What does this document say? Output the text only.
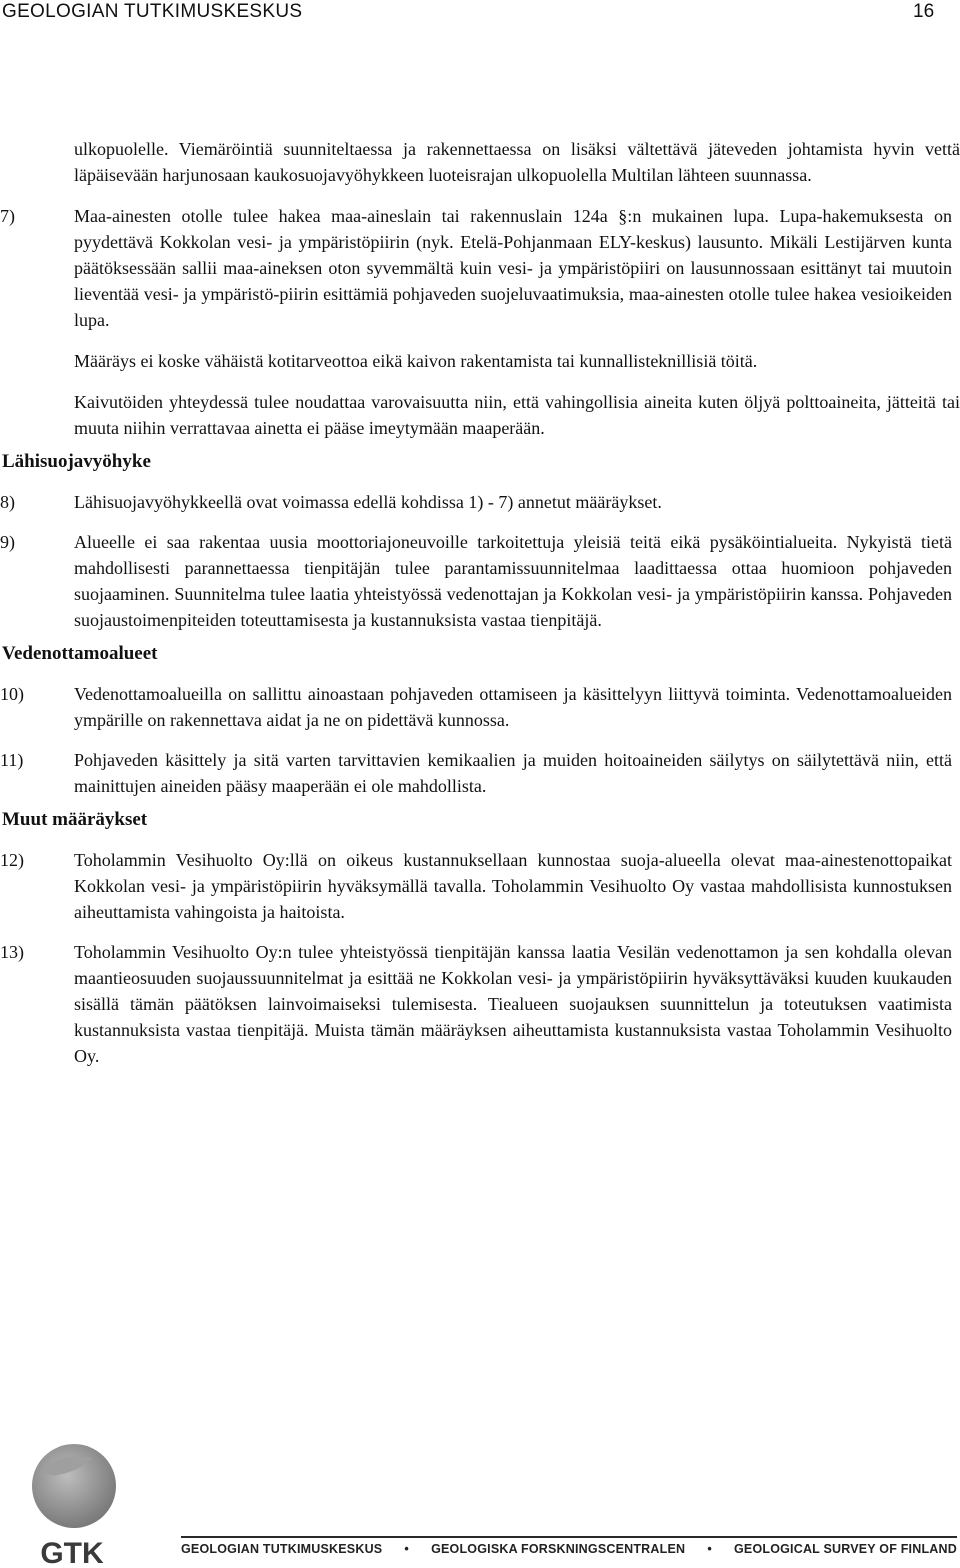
GEOLOGIAN TUTKIMUSKESKUS	16

ulkopuolelle. Viemäröintiä suunniteltaessa ja rakennettaessa on lisäksi vältettävä jäteveden johtamista hyvin vettä läpäisevään harjunosaan kaukosuojavyöhykkeen luoteisrajan ulkopuolella Multilan lähteen suunnassa.

7)	Maa-ainesten otolle tulee hakea maa-aineslain tai rakennuslain 124a §:n mukainen lupa. Lupa-hakemuksesta on pyydettävä Kokkolan vesi- ja ympäristöpiirin (nyk. Etelä-Pohjanmaan ELY-keskus) lausunto. Mikäli Lestijärven kunta päätöksessään sallii maa-aineksen oton syvemmältä kuin vesi- ja ympäristöpiiri on lausunnossaan esittänyt tai muutoin lieventää vesi- ja ympäristö-piirin esittämiä pohjaveden suojeluvaatimuksia, maa-ainesten otolle tulee hakea vesioikeiden lupa.

Määräys ei koske vähäistä kotitarveottoa eikä kaivon rakentamista tai kunnallisteknillisiä töitä.

Kaivutöiden yhteydessä tulee noudattaa varovaisuutta niin, että vahingollisia aineita kuten öljyä polttoaineita, jätteitä tai muuta niihin verrattavaa ainetta ei pääse imeytymään maaperään.

Lähisuojavyöhyke
8)	Lähisuojavyöhykkeellä ovat voimassa edellä kohdissa 1) - 7) annetut määräykset.
9)	Alueelle ei saa rakentaa uusia moottoriajoneuvoille tarkoitettuja yleisiä teitä eikä pysäköintialueita. Nykyistä tietä mahdollisesti parannettaessa tienpitäjän tulee parantamissuunnitelmaa laadittaessa ottaa huomioon pohjaveden suojaaminen. Suunnitelma tulee laatia yhteistyössä vedenottajan ja Kokkolan vesi- ja ympäristöpiirin kanssa. Pohjaveden suojaustoimenpiteiden toteuttamisesta ja kustannuksista vastaa tienpitäjä.
Vedenottamoalueet
10)	Vedenottamoalueilla on sallittu ainoastaan pohjaveden ottamiseen ja käsittelyyn liittyvä toiminta. Vedenottamoalueiden ympärille on rakennettava aidat ja ne on pidettävä kunnossa.
11)	Pohjaveden käsittely ja sitä varten tarvittavien kemikaalien ja muiden hoitoaineiden säilytys on säilytettävä niin, että mainittujen aineiden pääsy maaperään ei ole mahdollista.
Muut määräykset
12)	Toholammin Vesihuolto Oy:llä on oikeus kustannuksellaan kunnostaa suoja-alueella olevat maa-ainestenottopaikat Kokkolan vesi- ja ympäristöpiirin hyväksymällä tavalla. Toholammin Vesihuolto Oy vastaa mahdollisista kunnostuksen aiheuttamista vahingoista ja haitoista.
13)	Toholammin Vesihuolto Oy:n tulee yhteistyössä tienpitäjän kanssa laatia Vesilän vedenottamon ja sen kohdalla olevan maantieosuuden suojaussuunnitelmat ja esittää ne Kokkolan vesi- ja ympäristöpiirin hyväksyttäväksi kuuden kuukauden sisällä tämän päätöksen lainvoimaiseksi tulemisesta. Tiealueen suojauksen suunnittelun ja toteutuksen vaatimista kustannuksista vastaa tienpitäjä. Muista tämän määräyksen aiheuttamista kustannuksista vastaa Toholammin Vesihuolto Oy.
GTK	GEOLOGIAN TUTKIMUSKESKUS • GEOLOGISKA FORSKNINGSCENTRALEN • GEOLOGICAL SURVEY OF FINLAND
